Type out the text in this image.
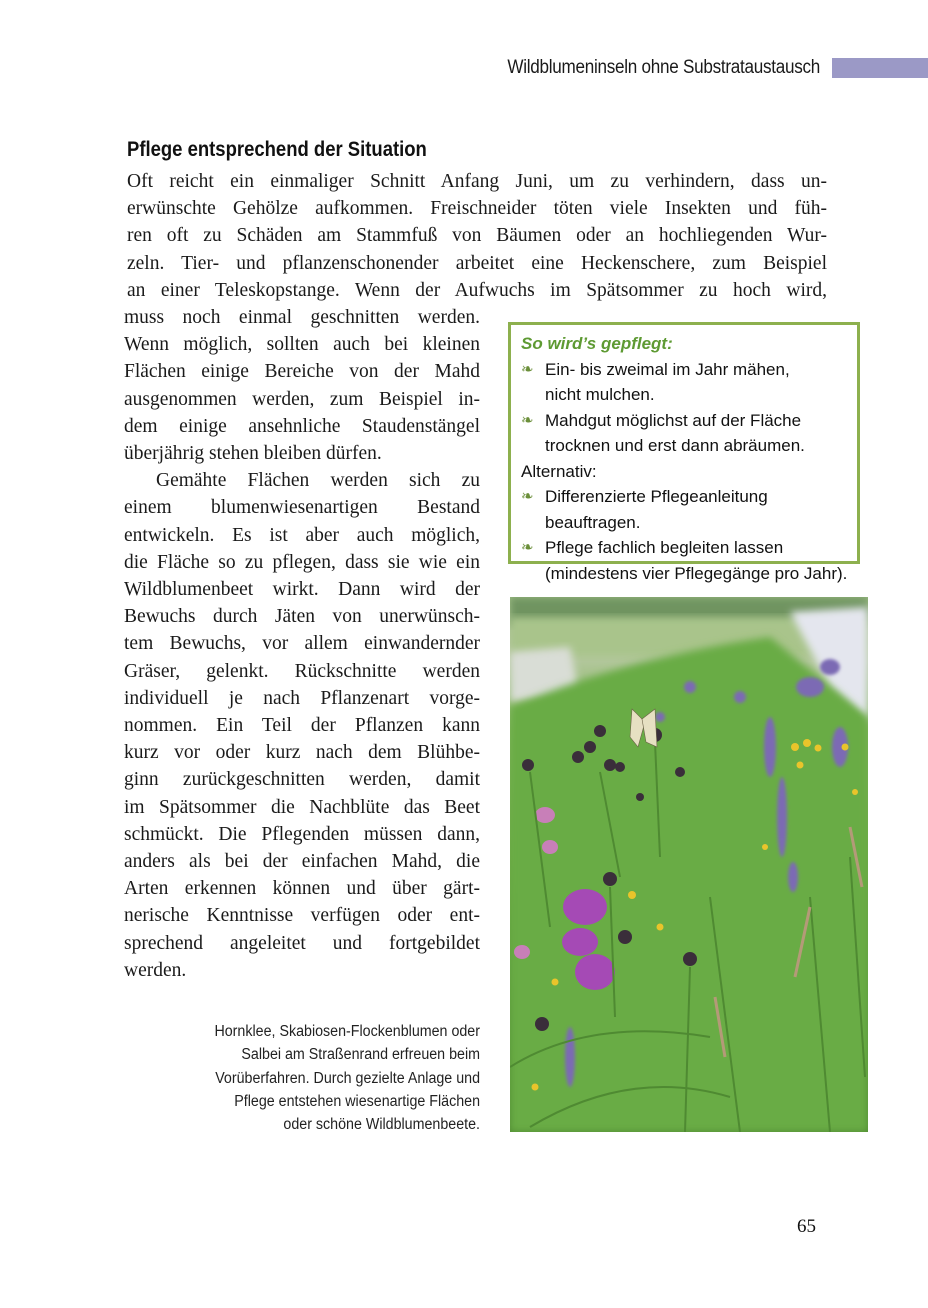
Wildblumeninseln ohne Substrataustausch
Pflege entsprechend der Situation
Oft reicht ein einmaliger Schnitt Anfang Juni, um zu verhindern, dass un-
erwünschte Gehölze aufkommen. Freischneider töten viele Insekten und füh-
ren oft zu Schäden am Stammfuß von Bäumen oder an hochliegenden Wur-
zeln. Tier- und pflanzenschonender arbeitet eine Heckenschere, zum Beispiel
an einer Teleskopstange. Wenn der Aufwuchs im Spätsommer zu hoch wird,
muss noch einmal geschnitten werden.
Wenn möglich, sollten auch bei kleinen
Flächen einige Bereiche von der Mahd
ausgenommen werden, zum Beispiel in-
dem einige ansehnliche Staudenstängel
überjährig stehen bleiben dürfen.
Gemähte Flächen werden sich zu
einem blumenwiesenartigen Bestand
entwickeln. Es ist aber auch möglich,
die Fläche so zu pflegen, dass sie wie ein
Wildblumenbeet wirkt. Dann wird der
Bewuchs durch Jäten von unerwünsch-
tem Bewuchs, vor allem einwandernder
Gräser, gelenkt. Rückschnitte werden
individuell je nach Pflanzenart vorge-
nommen. Ein Teil der Pflanzen kann
kurz vor oder kurz nach dem Blühbe-
ginn zurückgeschnitten werden, damit
im Spätsommer die Nachblüte das Beet
schmückt. Die Pflegenden müssen dann,
anders als bei der einfachen Mahd, die
Arten erkennen können und über gärt-
nerische Kenntnisse verfügen oder ent-
sprechend angeleitet und fortgebildet
werden.
So wird’s gepflegt:
❧ Ein- bis zweimal im Jahr mähen,
nicht mulchen.
❧ Mahdgut möglichst auf der Fläche
trocknen und erst dann abräumen.
Alternativ:
❧ Differenzierte Pflegeanleitung beauftragen.
❧ Pflege fachlich begleiten lassen
(mindestens vier Pflegegänge pro Jahr).
Hornklee, Skabiosen-Flockenblumen oder
Salbei am Straßenrand erfreuen beim
Vorüberfahren. Durch gezielte Anlage und
Pflege entstehen wiesenartige Flächen
oder schöne Wildblumenbeete.
65
